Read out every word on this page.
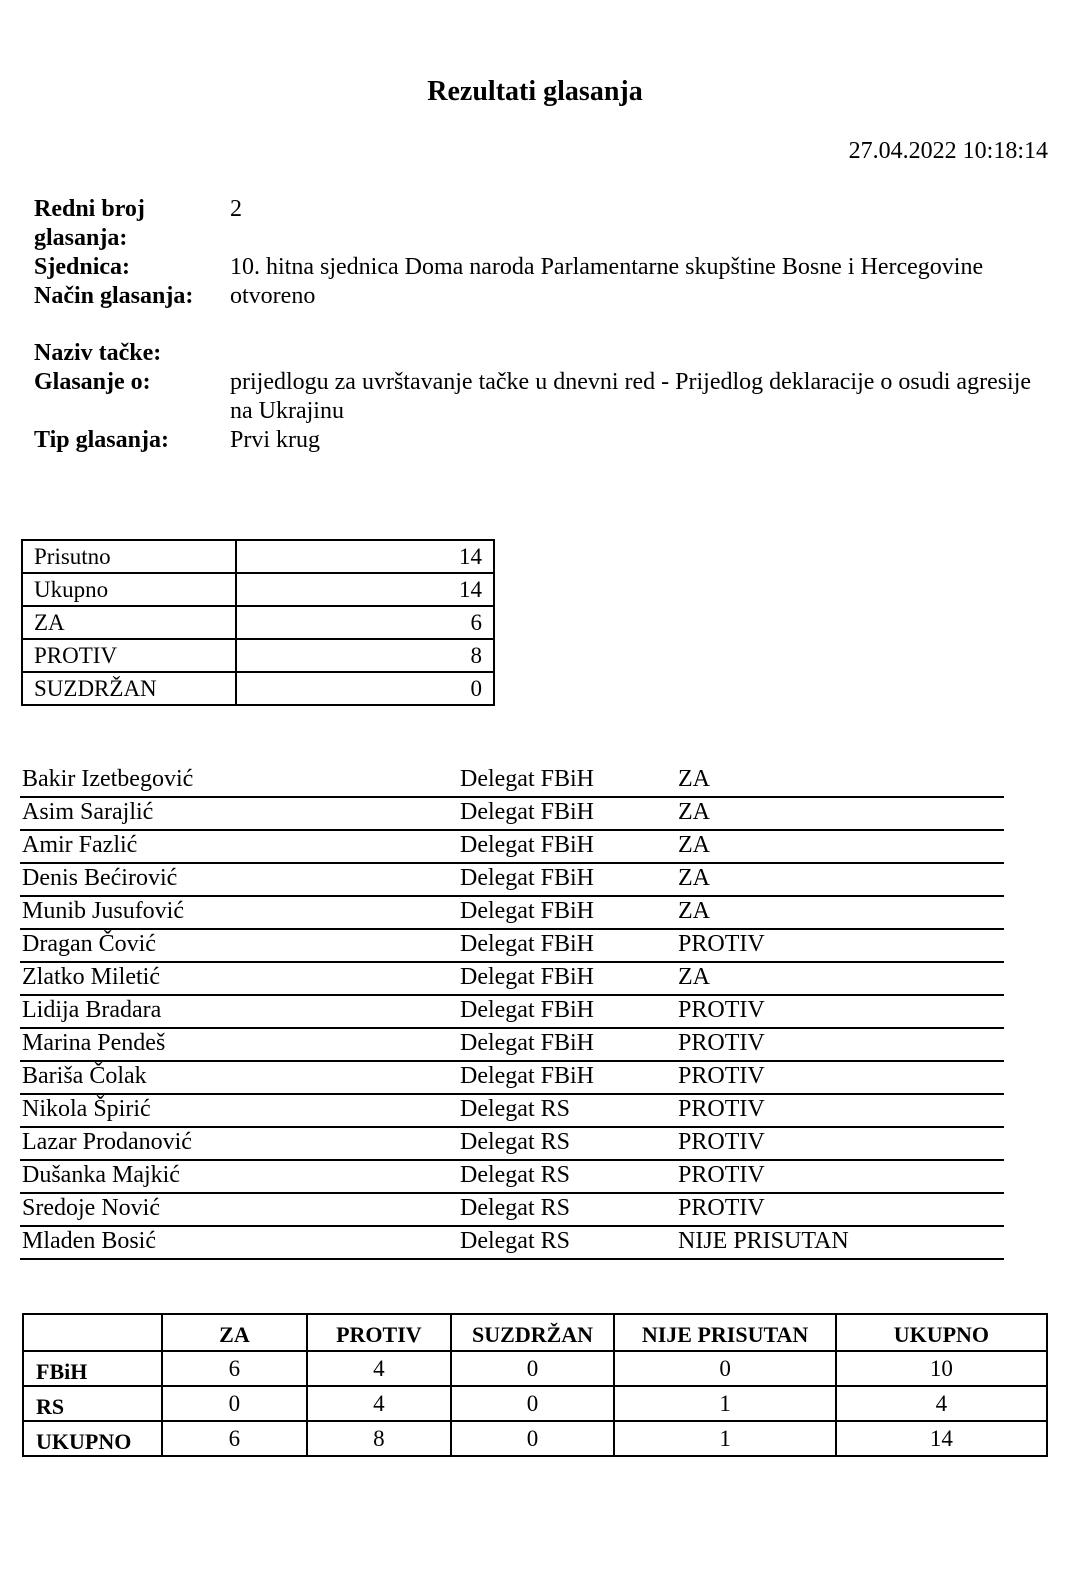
Rezultati glasanja
27.04.2022 10:18:14
Redni broj glasanja:
2
Sjednica:	10. hitna sjednica Doma naroda Parlamentarne skupštine Bosne i Hercegovine
Način glasanja:	otvoreno
Naziv tačke:
Glasanje o:	prijedlogu za uvrštavanje tačke u dnevni red - Prijedlog deklaracije o osudi agresije na Ukrajinu
Tip glasanja:	Prvi krug
Prisutno	14
Ukupno	14
ZA	6
PROTIV	8
SUZDRŽAN	0
Bakir Izetbegović	Delegat FBiH	ZA
Asim Sarajlić	Delegat FBiH	ZA
Amir Fazlić	Delegat FBiH	ZA
Denis Bećirović	Delegat FBiH	ZA
Munib Jusufović	Delegat FBiH	ZA
Dragan Čović	Delegat FBiH	PROTIV
Zlatko Miletić	Delegat FBiH	ZA
Lidija Bradara	Delegat FBiH	PROTIV
Marina Pendeš	Delegat FBiH	PROTIV
Bariša Čolak	Delegat FBiH	PROTIV
Nikola Špirić	Delegat RS	PROTIV
Lazar Prodanović	Delegat RS	PROTIV
Dušanka Majkić	Delegat RS	PROTIV
Sredoje Nović	Delegat RS	PROTIV
Mladen Bosić	Delegat RS	NIJE PRISUTAN
	ZA	PROTIV	SUZDRŽAN	NIJE PRISUTAN	UKUPNO
FBiH	6	4	0	0	10
RS	0	4	0	1	4
UKUPNO	6	8	0	1	14
